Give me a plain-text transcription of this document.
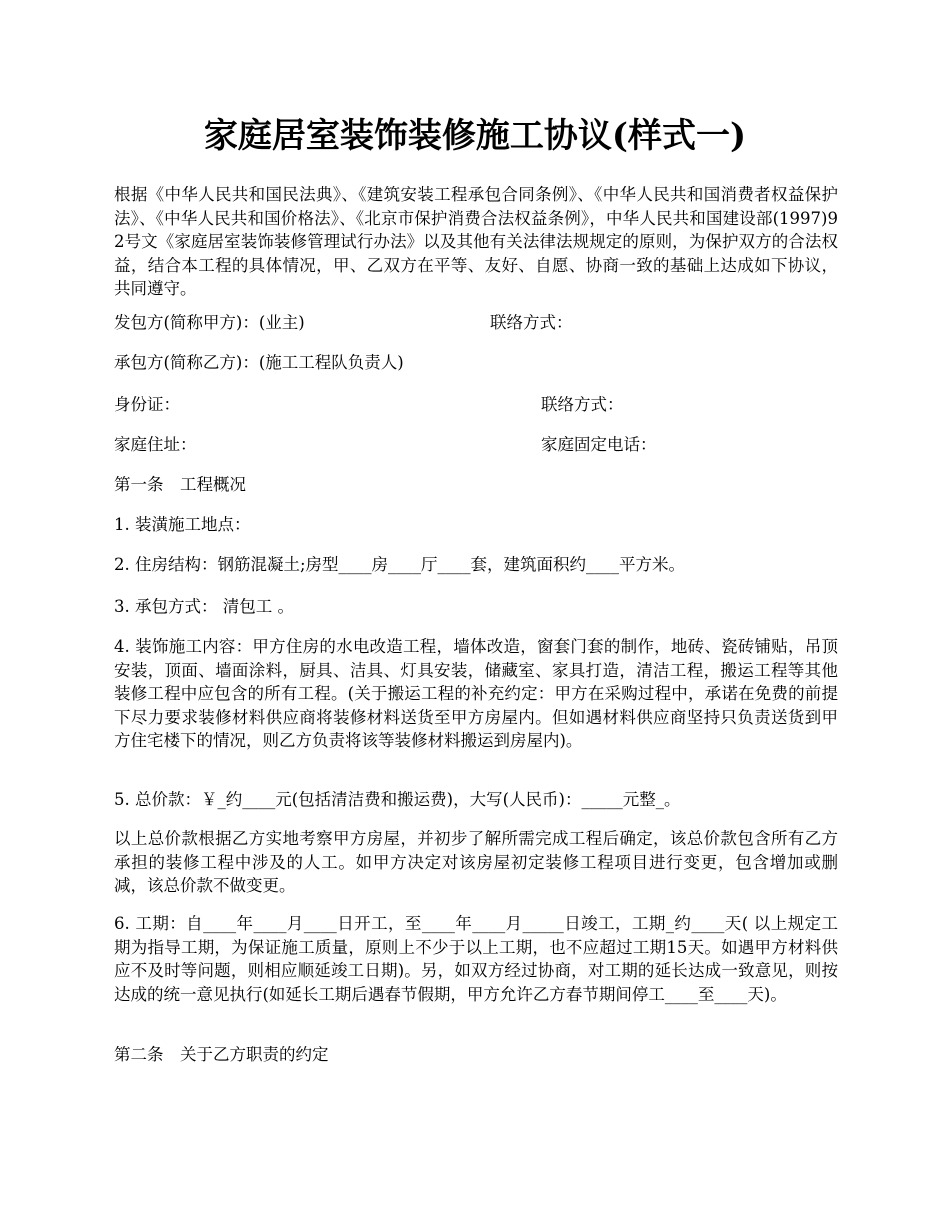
家庭居室装饰装修施工协议(样式一)

根据《中华人民共和国民法典》、《建筑安装工程承包合同条例》、《中华人民共和国消费者权益保护法》、《中华人民共和国价格法》、《北京市保护消费合法权益条例》，中华人民共和国建设部(1997)92号文《家庭居室装饰装修管理试行办法》以及其他有关法律法规规定的原则，为保护双方的合法权益，结合本工程的具体情况，甲、乙双方在平等、友好、自愿、协商一致的基础上达成如下协议，共同遵守。

发包方(简称甲方)：(业主)	联络方式：
承包方(简称乙方)：(施工工程队负责人)
身份证：	联络方式：
家庭住址：	家庭固定电话：
第一条　工程概况
1. 装潢施工地点：
2. 住房结构：钢筋混凝土;房型____房____厅____套，建筑面积约____平方米。
3. 承包方式： 清包工 。

4. 装饰施工内容：甲方住房的水电改造工程，墙体改造，窗套门套的制作，地砖、瓷砖铺贴，吊顶安装，顶面、墙面涂料，厨具、洁具、灯具安装，储藏室、家具打造，清洁工程，搬运工程等其他装修工程中应包含的所有工程。(关于搬运工程的补充约定：甲方在采购过程中，承诺在免费的前提下尽力要求装修材料供应商将装修材料送货至甲方房屋内。但如遇材料供应商坚持只负责送货到甲方住宅楼下的情况，则乙方负责将该等装修材料搬运到房屋内)。

5. 总价款：￥_约____元(包括清洁费和搬运费)，大写(人民币)：_____元整_。

以上总价款根据乙方实地考察甲方房屋，并初步了解所需完成工程后确定，该总价款包含所有乙方承担的装修工程中涉及的人工。如甲方决定对该房屋初定装修工程项目进行变更，包含增加或删减，该总价款不做变更。

6. 工期：自____年____月____日开工，至____年____月_____日竣工，工期_约____天( 以上规定工期为指导工期，为保证施工质量，原则上不少于以上工期，也不应超过工期15天。如遇甲方材料供应不及时等问题，则相应顺延竣工日期)。另，如双方经过协商，对工期的延长达成一致意见，则按达成的统一意见执行(如延长工期后遇春节假期，甲方允许乙方春节期间停工____至____天)。

第二条　关于乙方职责的约定
